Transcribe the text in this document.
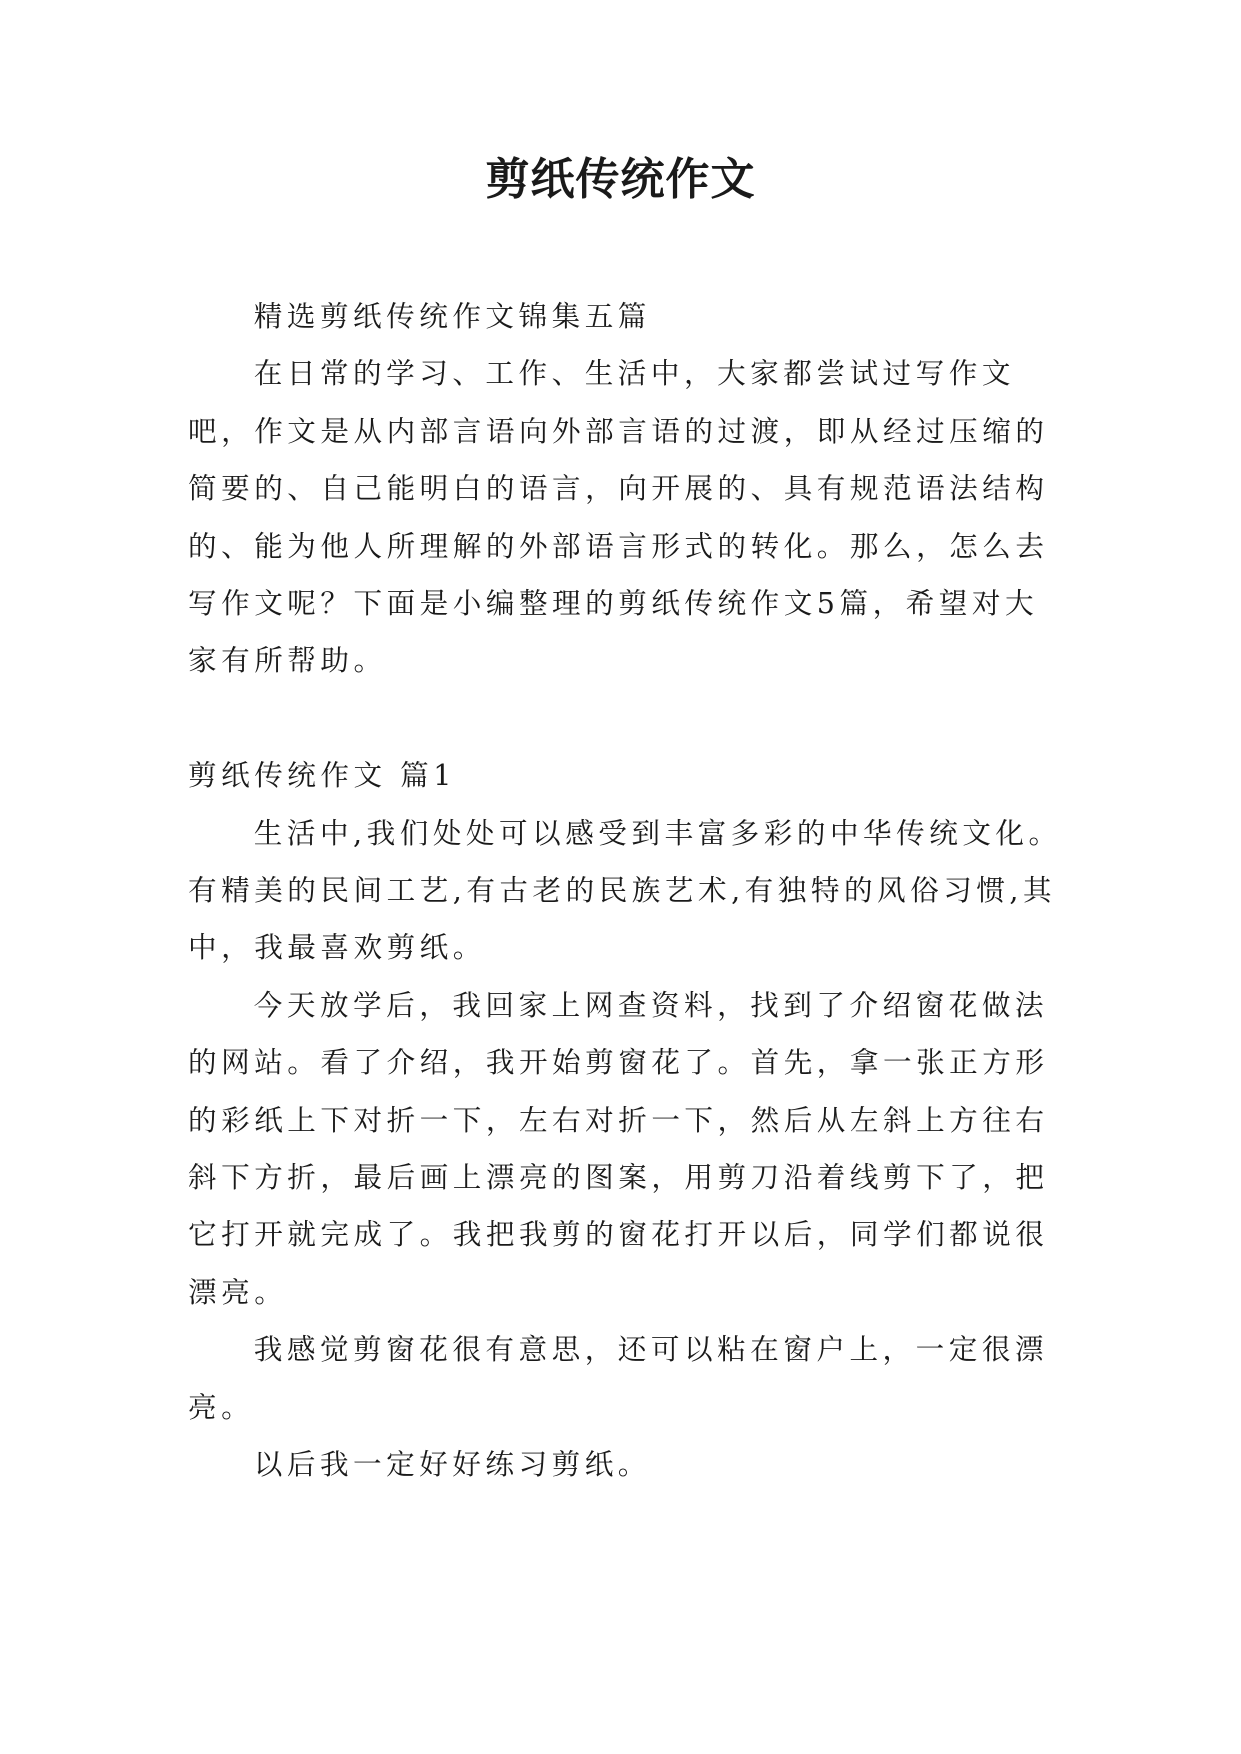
剪纸传统作文

精选剪纸传统作文锦集五篇

在日常的学习、工作、生活中，大家都尝试过写作文吧，作文是从内部言语向外部言语的过渡，即从经过压缩的简要的、自己能明白的语言，向开展的、具有规范语法结构的、能为他人所理解的外部语言形式的转化。那么，怎么去写作文呢？下面是小编整理的剪纸传统作文5篇，希望对大家有所帮助。

剪纸传统作文 篇1

生活中,我们处处可以感受到丰富多彩的中华传统文化。有精美的民间工艺,有古老的民族艺术,有独特的风俗习惯,其中，我最喜欢剪纸。

今天放学后，我回家上网查资料，找到了介绍窗花做法的网站。看了介绍，我开始剪窗花了。首先，拿一张正方形的彩纸上下对折一下，左右对折一下，然后从左斜上方往右斜下方折，最后画上漂亮的图案，用剪刀沿着线剪下了，把它打开就完成了。我把我剪的窗花打开以后，同学们都说很漂亮。

我感觉剪窗花很有意思，还可以粘在窗户上，一定很漂亮。

以后我一定好好练习剪纸。
